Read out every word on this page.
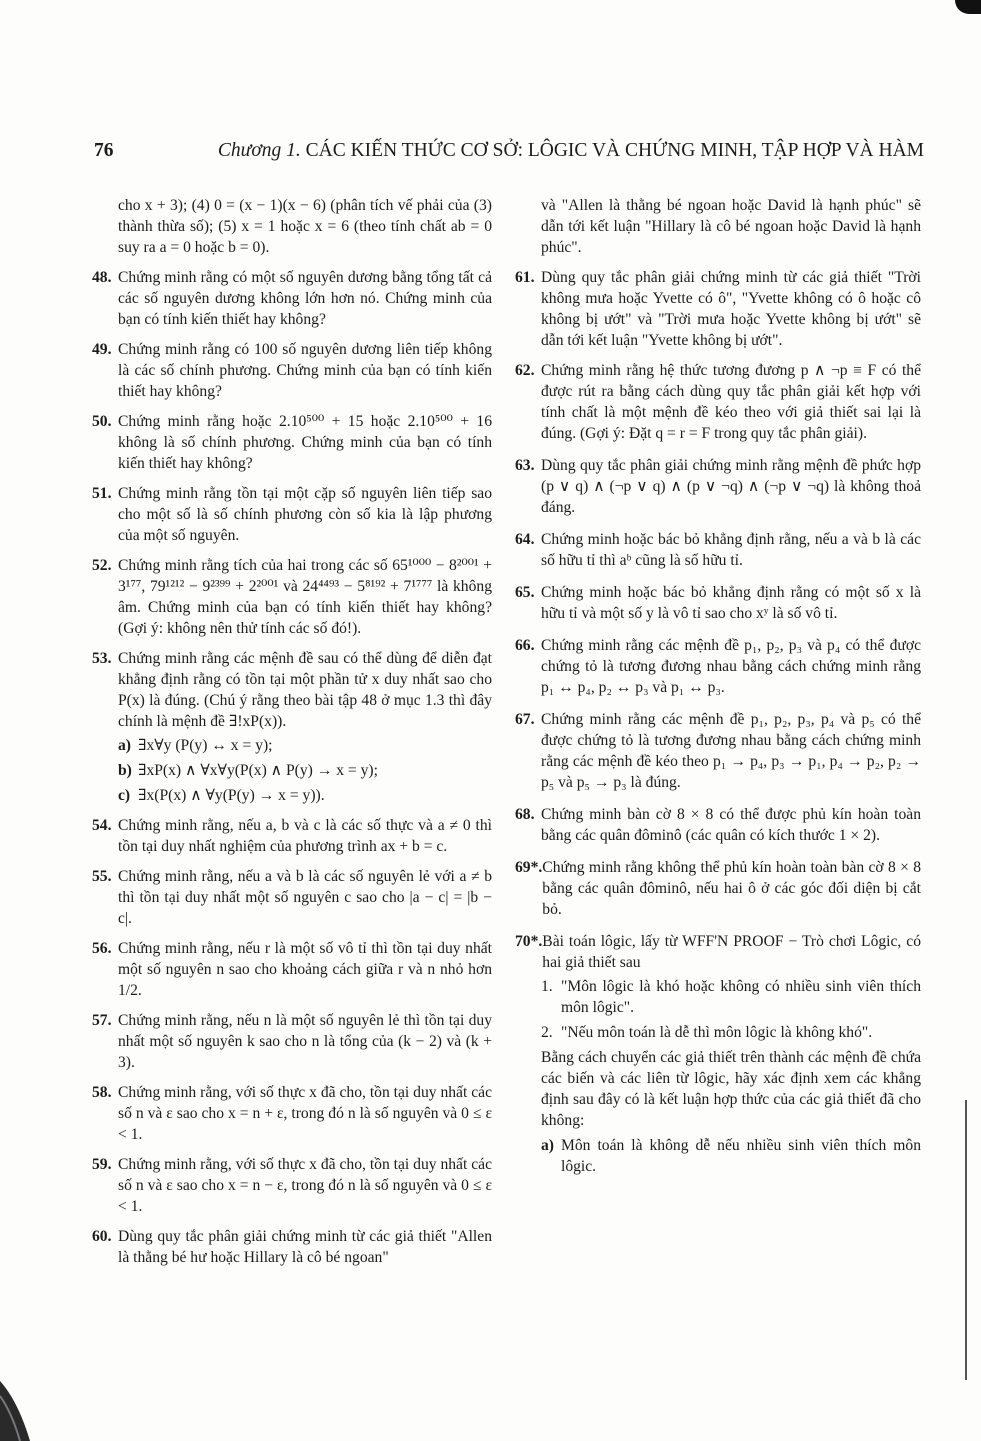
76	Chương 1. CÁC KIẾN THỨC CƠ SỞ: LÔGIC VÀ CHỨNG MINH, TẬP HỢP VÀ HÀM
cho x + 3); (4) 0 = (x − 1)(x − 6) (phân tích vế phải của (3) thành thừa số); (5) x = 1 hoặc x = 6 (theo tính chất ab = 0 suy ra a = 0 hoặc b = 0).
48. Chứng minh rằng có một số nguyên dương bằng tổng tất cả các số nguyên dương không lớn hơn nó. Chứng minh của bạn có tính kiến thiết hay không?
49. Chứng minh rằng có 100 số nguyên dương liên tiếp không là các số chính phương. Chứng minh của bạn có tính kiến thiết hay không?
50. Chứng minh rằng hoặc 2.10⁵⁰⁰ + 15 hoặc 2.10⁵⁰⁰ + 16 không là số chính phương. Chứng minh của bạn có tính kiến thiết hay không?
51. Chứng minh rằng tồn tại một cặp số nguyên liên tiếp sao cho một số là số chính phương còn số kia là lập phương của một số nguyên.
52. Chứng minh rằng tích của hai trong các số 65¹⁰⁰⁰ − 8²⁰⁰¹ + 3¹⁷⁷, 79¹²¹² − 9²³⁹⁹ + 2²⁰⁰¹ và 24⁴⁴⁹³ − 5⁸¹⁹² + 7¹⁷⁷⁷ là không âm. Chứng minh của bạn có tính kiến thiết hay không? (Gợi ý: không nên thử tính các số đó!).
53. Chứng minh rằng các mệnh đề sau có thể dùng để diễn đạt khẳng định rằng có tồn tại một phần tử x duy nhất sao cho P(x) là đúng. (Chú ý rằng theo bài tập 48 ở mục 1.3 thì đây chính là mệnh đề ∃!xP(x)).
a) ∃x∀y (P(y) ↔ x = y);
b) ∃xP(x) ∧ ∀x∀y(P(x) ∧ P(y) → x = y);
c) ∃x(P(x) ∧ ∀y(P(y) → x = y)).
54. Chứng minh rằng, nếu a, b và c là các số thực và a ≠ 0 thì tồn tại duy nhất nghiệm của phương trình ax + b = c.
55. Chứng minh rằng, nếu a và b là các số nguyên lẻ với a ≠ b thì tồn tại duy nhất một số nguyên c sao cho |a − c| = |b − c|.
56. Chứng minh rằng, nếu r là một số vô tỉ thì tồn tại duy nhất một số nguyên n sao cho khoảng cách giữa r và n nhỏ hơn 1/2.
57. Chứng minh rằng, nếu n là một số nguyên lẻ thì tồn tại duy nhất một số nguyên k sao cho n là tổng của (k − 2) và (k + 3).
58. Chứng minh rằng, với số thực x đã cho, tồn tại duy nhất các số n và ε sao cho x = n + ε, trong đó n là số nguyên và 0 ≤ ε < 1.
59. Chứng minh rằng, với số thực x đã cho, tồn tại duy nhất các số n và ε sao cho x = n − ε, trong đó n là số nguyên và 0 ≤ ε < 1.
60. Dùng quy tắc phân giải chứng minh từ các giả thiết "Allen là thằng bé hư hoặc Hillary là cô bé ngoan"
và "Allen là thằng bé ngoan hoặc David là hạnh phúc" sẽ dẫn tới kết luận "Hillary là cô bé ngoan hoặc David là hạnh phúc".
61. Dùng quy tắc phân giải chứng minh từ các giả thiết "Trời không mưa hoặc Yvette có ô", "Yvette không có ô hoặc cô không bị ướt" và "Trời mưa hoặc Yvette không bị ướt" sẽ dẫn tới kết luận "Yvette không bị ướt".
62. Chứng minh rằng hệ thức tương đương p ∧ ¬p ≡ F có thể được rút ra bằng cách dùng quy tắc phân giải kết hợp với tính chất là một mệnh đề kéo theo với giả thiết sai lại là đúng. (Gợi ý: Đặt q = r = F trong quy tắc phân giải).
63. Dùng quy tắc phân giải chứng minh rằng mệnh đề phức hợp (p ∨ q) ∧ (¬p ∨ q) ∧ (p ∨ ¬q) ∧ (¬p ∨ ¬q) là không thoả đáng.
64. Chứng minh hoặc bác bỏ khẳng định rằng, nếu a và b là các số hữu tỉ thì aᵇ cũng là số hữu tỉ.
65. Chứng minh hoặc bác bỏ khẳng định rằng có một số x là hữu tỉ và một số y là vô tỉ sao cho xʸ là số vô tỉ.
66. Chứng minh rằng các mệnh đề p₁, p₂, p₃ và p₄ có thể được chứng tỏ là tương đương nhau bằng cách chứng minh rằng p₁ ↔ p₄, p₂ ↔ p₃ và p₁ ↔ p₃.
67. Chứng minh rằng các mệnh đề p₁, p₂, p₃, p₄ và p₅ có thể được chứng tỏ là tương đương nhau bằng cách chứng minh rằng các mệnh đề kéo theo p₁ → p₄, p₃ → p₁, p₄ → p₂, p₂ → p₅ và p₅ → p₃ là đúng.
68. Chứng minh bàn cờ 8 × 8 có thể được phủ kín hoàn toàn bằng các quân đôminô (các quân có kích thước 1 × 2).
69*. Chứng minh rằng không thể phủ kín hoàn toàn bàn cờ 8 × 8 bằng các quân đôminô, nếu hai ô ở các góc đối diện bị cắt bỏ.
70*. Bài toán lôgic, lấy từ WFF'N PROOF − Trò chơi Lôgic, có hai giả thiết sau
1. "Môn lôgic là khó hoặc không có nhiều sinh viên thích môn lôgic".
2. "Nếu môn toán là dễ thì môn lôgic là không khó".
Bằng cách chuyển các giả thiết trên thành các mệnh đề chứa các biến và các liên từ lôgic, hãy xác định xem các khẳng định sau đây có là kết luận hợp thức của các giả thiết đã cho không:
a) Môn toán là không dễ nếu nhiều sinh viên thích môn lôgic.
